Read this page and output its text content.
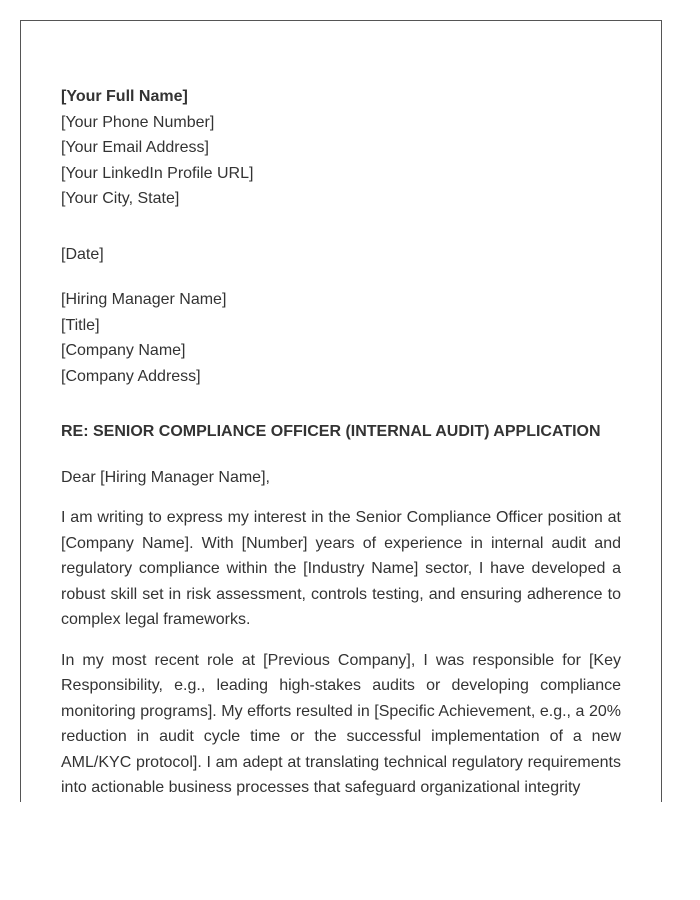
[Your Full Name]
[Your Phone Number]
[Your Email Address]
[Your LinkedIn Profile URL]
[Your City, State]
[Date]
[Hiring Manager Name]
[Title]
[Company Name]
[Company Address]
RE: SENIOR COMPLIANCE OFFICER (INTERNAL AUDIT) APPLICATION
Dear [Hiring Manager Name],

I am writing to express my interest in the Senior Compliance Officer position at [Company Name]. With [Number] years of experience in internal audit and regulatory compliance within the [Industry Name] sector, I have developed a robust skill set in risk assessment, controls testing, and ensuring adherence to complex legal frameworks.

In my most recent role at [Previous Company], I was responsible for [Key Responsibility, e.g., leading high-stakes audits or developing compliance monitoring programs]. My efforts resulted in [Specific Achievement, e.g., a 20% reduction in audit cycle time or the successful implementation of a new AML/KYC protocol]. I am adept at translating technical regulatory requirements into actionable business processes that safeguard organizational integrity
